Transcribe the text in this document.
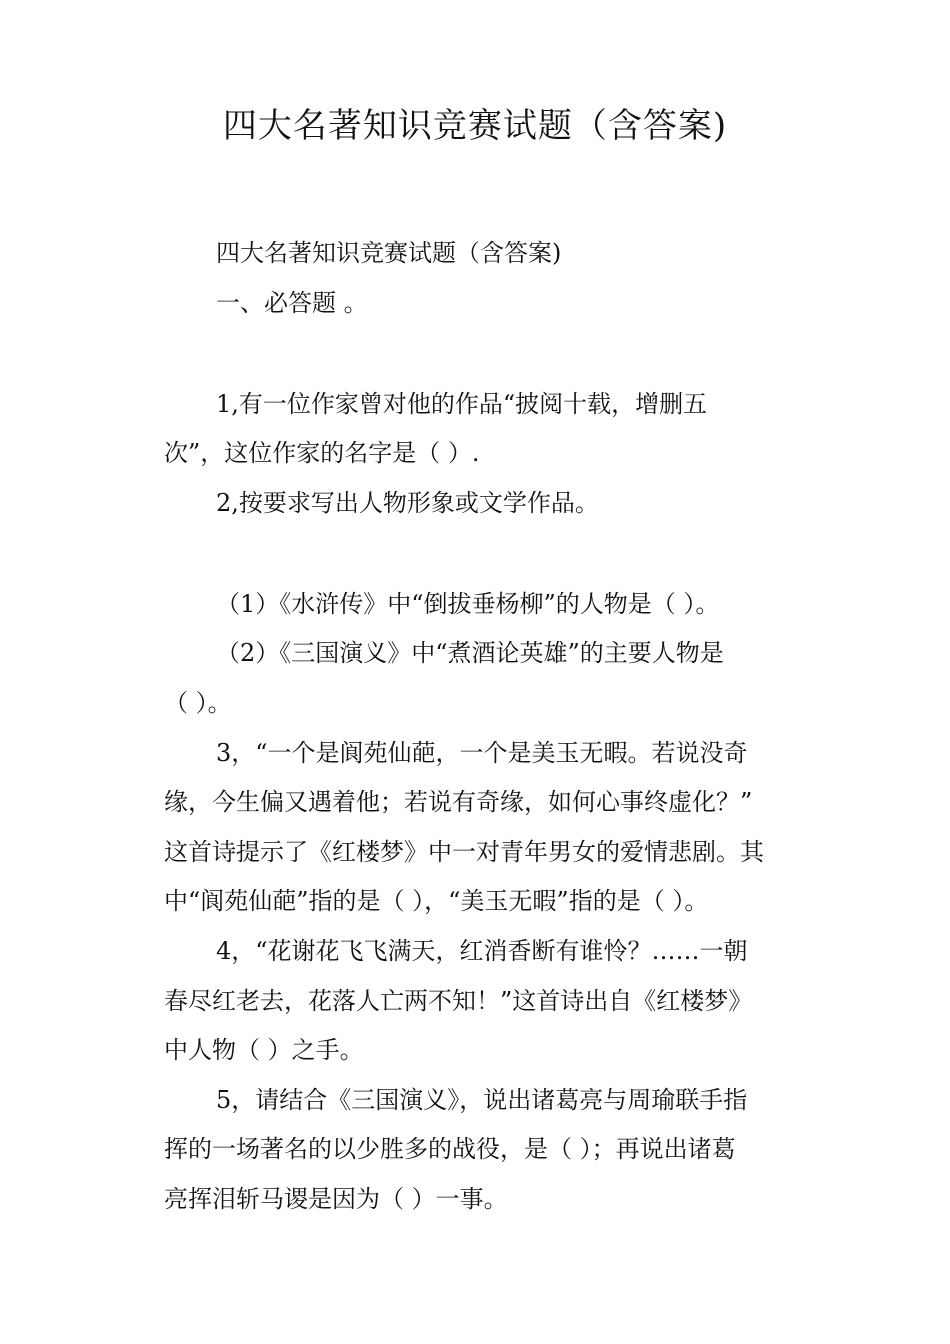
四大名著知识竞赛试题（含答案)
四大名著知识竞赛试题（含答案)
一、必答题 。
1,有一位作家曾对他的作品“披阅十载，增删五
次”，这位作家的名字是（ ）.
2,按要求写出人物形象或文学作品。
（1）《水浒传》中“倒拔垂杨柳”的人物是（ ）。
（2）《三国演义》中“煮酒论英雄”的主要人物是
（ ）。
3，“一个是阆苑仙葩，一个是美玉无暇。若说没奇
缘，今生偏又遇着他；若说有奇缘，如何心事终虚化？”
这首诗提示了《红楼梦》中一对青年男女的爱情悲剧。其
中“阆苑仙葩”指的是（ ），“美玉无暇”指的是（ ）。
4，“花谢花飞飞满天，红消香断有谁怜？……一朝
春尽红老去，花落人亡两不知！”这首诗出自《红楼梦》
中人物（ ）之手。
5，请结合《三国演义》，说出诸葛亮与周瑜联手指
挥的一场著名的以少胜多的战役，是（ ）；再说出诸葛
亮挥泪斩马谡是因为（ ）一事。
